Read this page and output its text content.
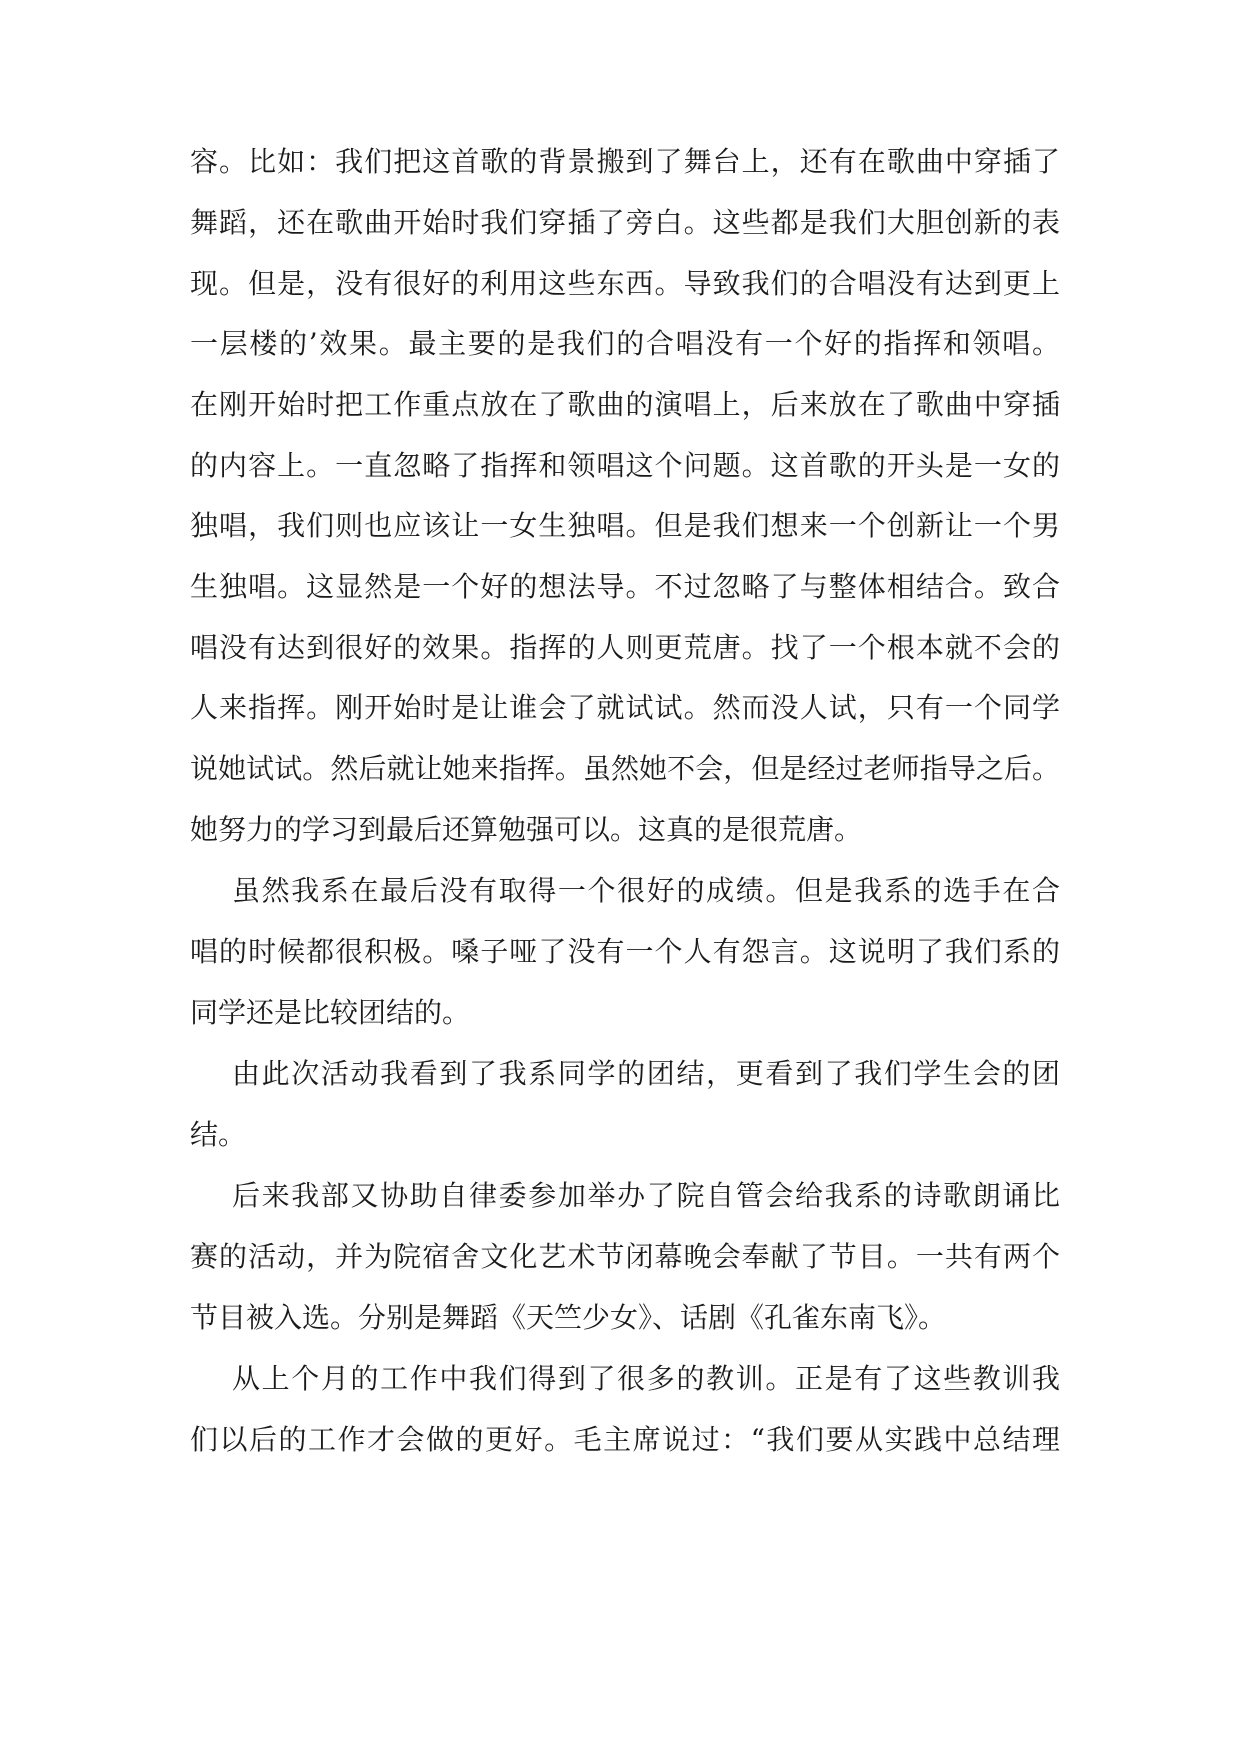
容。比如：我们把这首歌的背景搬到了舞台上，还有在歌曲中穿插了

舞蹈，还在歌曲开始时我们穿插了旁白。这些都是我们大胆创新的表

现。但是，没有很好的利用这些东西。导致我们的合唱没有达到更上

一层楼的’效果。最主要的是我们的合唱没有一个好的指挥和领唱。

在刚开始时把工作重点放在了歌曲的演唱上，后来放在了歌曲中穿插

的内容上。一直忽略了指挥和领唱这个问题。这首歌的开头是一女的

独唱，我们则也应该让一女生独唱。但是我们想来一个创新让一个男

生独唱。这显然是一个好的想法导。不过忽略了与整体相结合。致合

唱没有达到很好的效果。指挥的人则更荒唐。找了一个根本就不会的

人来指挥。刚开始时是让谁会了就试试。然而没人试，只有一个同学

说她试试。然后就让她来指挥。虽然她不会，但是经过老师指导之后。

她努力的学习到最后还算勉强可以。这真的是很荒唐。

虽然我系在最后没有取得一个很好的成绩。但是我系的选手在合

唱的时候都很积极。嗓子哑了没有一个人有怨言。这说明了我们系的

同学还是比较团结的。

由此次活动我看到了我系同学的团结，更看到了我们学生会的团

结。

后来我部又协助自律委参加举办了院自管会给我系的诗歌朗诵比

赛的活动，并为院宿舍文化艺术节闭幕晚会奉献了节目。一共有两个

节目被入选。分别是舞蹈《天竺少女》、话剧《孔雀东南飞》。

从上个月的工作中我们得到了很多的教训。正是有了这些教训我

们以后的工作才会做的更好。毛主席说过：“我们要从实践中总结理
